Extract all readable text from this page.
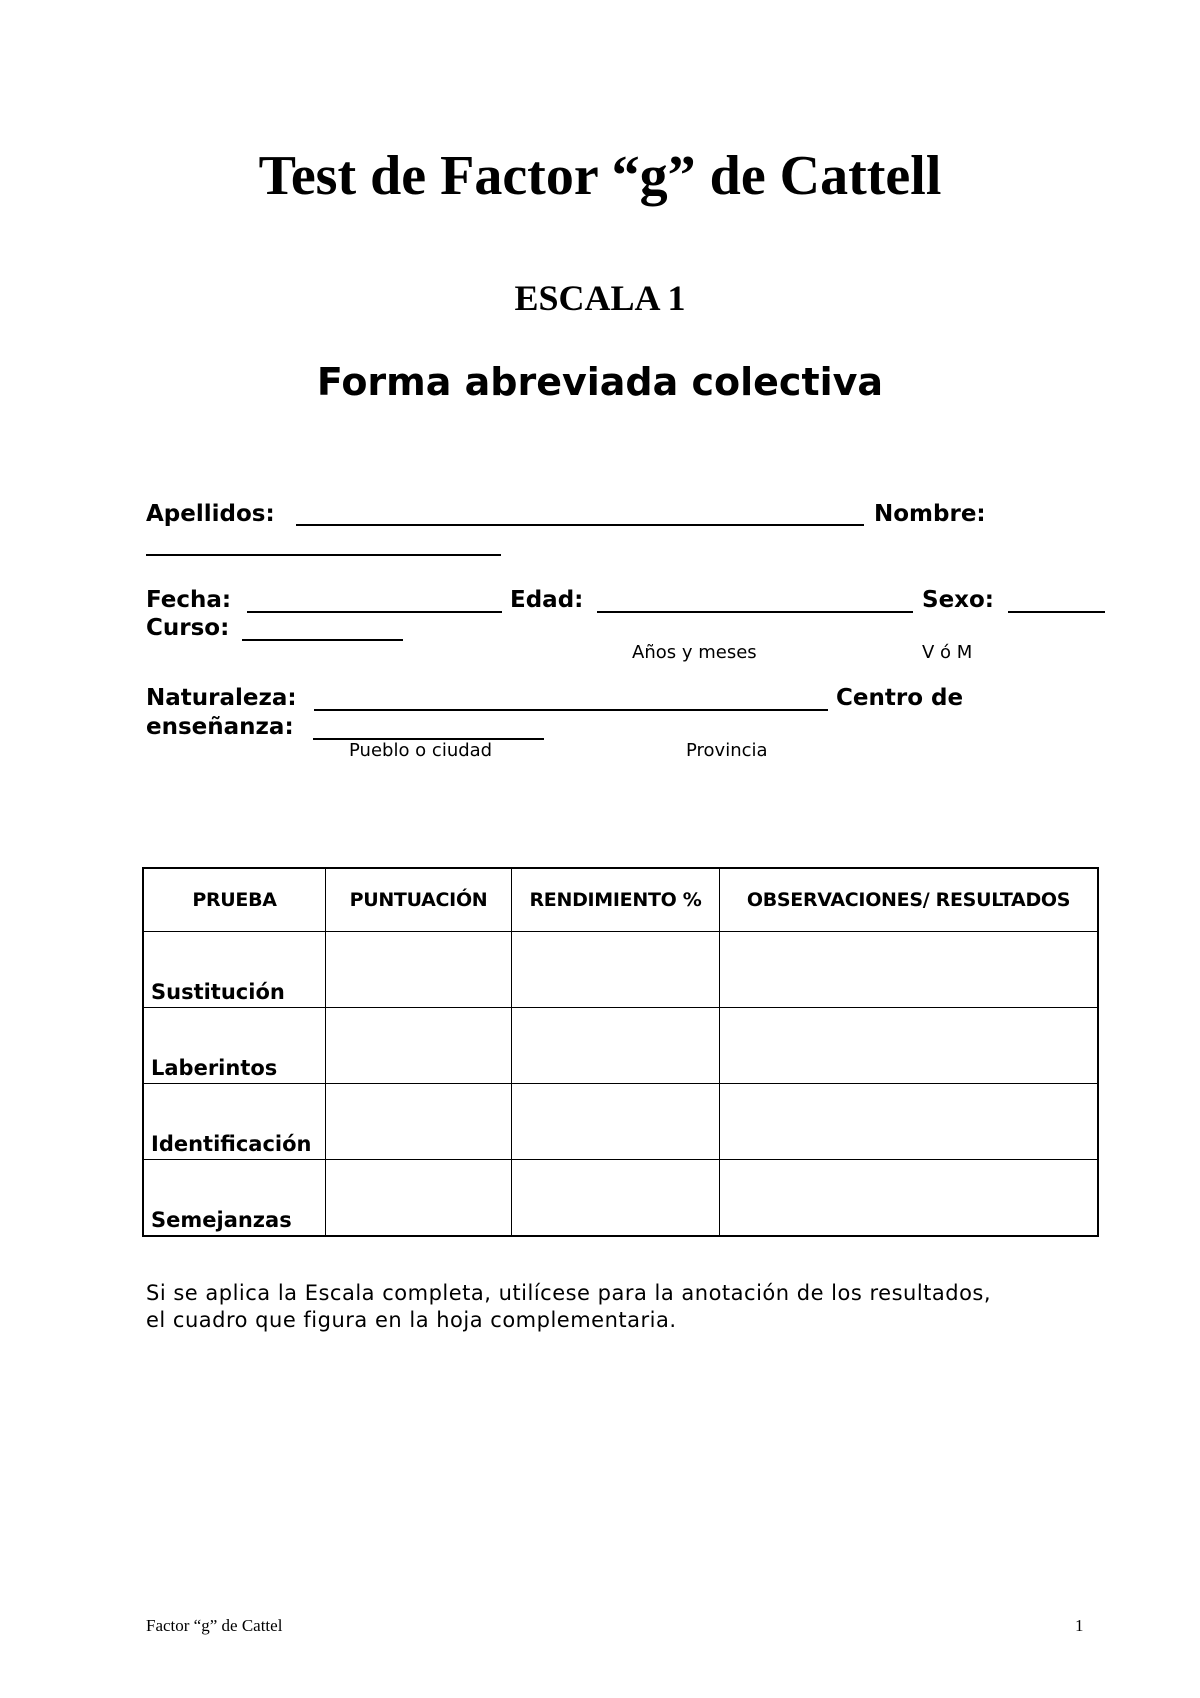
Test de Factor “g” de Cattell
ESCALA 1
Forma abreviada colectiva
Apellidos:	Nombre:
Fecha:	Edad:	Sexo:
Curso:
Años y meses	V ó M
Naturaleza:	Centro de
enseñanza:
Pueblo o ciudad	Provincia
PRUEBA	PUNTUACIÓN	RENDIMIENTO %	OBSERVACIONES/ RESULTADOS
Sustitución			
Laberintos			
Identificación			
Semejanzas			
Si se aplica la Escala completa, utilícese para la anotación de los resultados,
el cuadro que figura en la hoja complementaria.
Factor “g” de Cattel	1
